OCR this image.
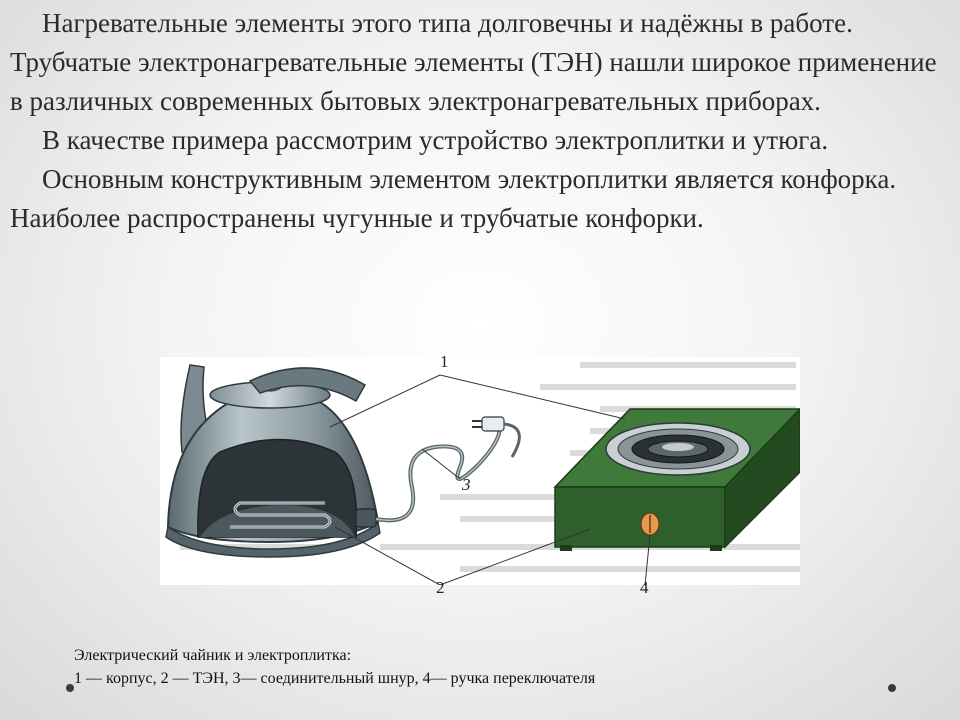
Нагревательные элементы этого типа долговечны и надёжны в работе. Трубчатые электронагревательные элементы (ТЭН) нашли широкое применение в различных современных бытовых электронагревательных приборах.

В качестве примера рассмотрим устройство электроплитки и утюга.

Основным конструктивным элементом электроплитки является конфорка. Наиболее распространены чугунные и трубчатые конфорки.

1
2
3
4
Электрический чайник и электроплитка:
1 — корпус, 2 — ТЭН, 3— соединительный шнур, 4— ручка переключателя
